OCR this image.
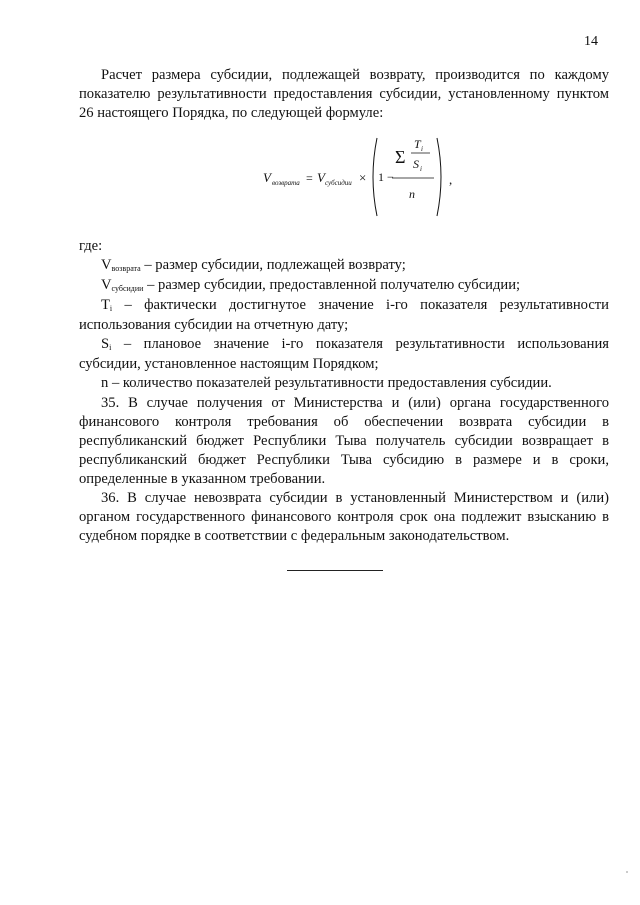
14

Расчет размера субсидии, подлежащей возврату, производится по каждому показателю результативности предоставления субсидии, установленному пунктом 26 настоящего Порядка, по следующей формуле:

V возврата = V субсидии × 1 −
Σ
T i
S i
n
,

где:

Vвозврата – размер субсидии, подлежащей возврату;

Vсубсидии – размер субсидии, предоставленной получателю субсидии;

Ti – фактически достигнутое значение i-го показателя результативности использования субсидии на отчетную дату;

Si – плановое значение i-го показателя результативности использования субсидии, установленное настоящим Порядком;

n – количество показателей результативности предоставления субсидии.

35. В случае получения от Министерства и (или) органа государственного финансового контроля требования об обеспечении возврата субсидии в республиканский бюджет Республики Тыва получатель субсидии возвращает в республиканский бюджет Республики Тыва субсидию в размере и в сроки, определенные в указанном требовании.

36. В случае невозврата субсидии в установленный Министерством и (или) органом государственного финансового контроля срок она подлежит взысканию в судебном порядке в соответствии с федеральным законодательством.
